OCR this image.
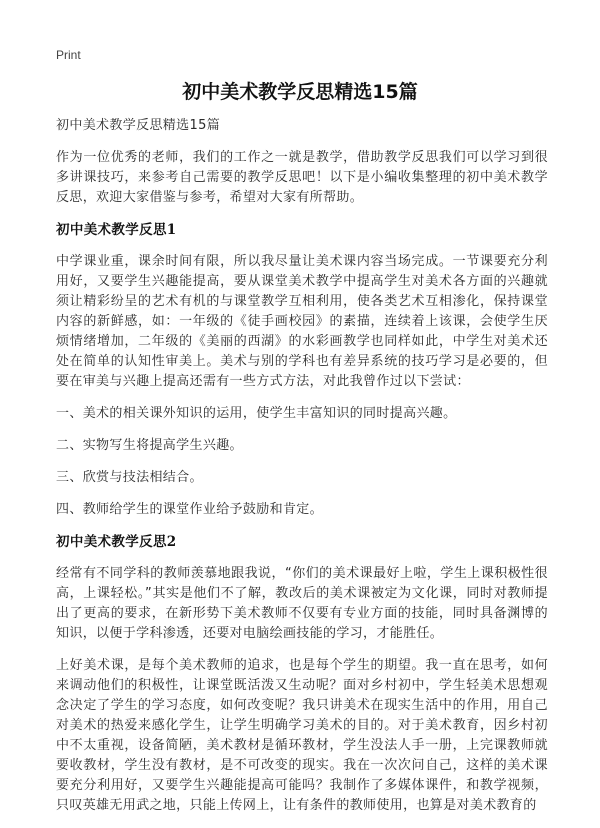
Print
初中美术教学反思精选15篇

初中美术教学反思精选15篇

作为一位优秀的老师，我们的工作之一就是教学，借助教学反思我们可以学习到很多讲课技巧，来参考自己需要的教学反思吧！以下是小编收集整理的初中美术教学反思，欢迎大家借鉴与参考，希望对大家有所帮助。

初中美术教学反思1

中学课业重，课余时间有限，所以我尽量让美术课内容当场完成。一节课要充分利用好，又要学生兴趣能提高，要从课堂美术教学中提高学生对美术各方面的兴趣就须让精彩纷呈的艺术有机的与课堂教学互相利用，使各类艺术互相渗化，保持课堂内容的新鲜感，如：一年级的《徒手画校园》的素描，连续着上该课，会使学生厌烦情绪增加，二年级的《美丽的西湖》的水彩画教学也同样如此，中学生对美术还处在简单的认知性审美上。美术与别的学科也有差异系统的技巧学习是必要的，但要在审美与兴趣上提高还需有一些方式方法，对此我曾作过以下尝试：

一、美术的相关课外知识的运用，使学生丰富知识的同时提高兴趣。

二、实物写生将提高学生兴趣。

三、欣赏与技法相结合。

四、教师给学生的课堂作业给予鼓励和肯定。

初中美术教学反思2

经常有不同学科的教师羡慕地跟我说，“你们的美术课最好上啦，学生上课积极性很高，上课轻松。”其实是他们不了解，教改后的美术课被定为文化课，同时对教师提出了更高的要求，在新形势下美术教师不仅要有专业方面的技能，同时具备渊博的知识，以便于学科渗透，还要对电脑绘画技能的学习，才能胜任。

上好美术课，是每个美术教师的追求，也是每个学生的期望。我一直在思考，如何来调动他们的积极性，让课堂既活泼又生动呢？面对乡村初中，学生轻美术思想观念决定了学生的学习态度，如何改变呢？我只讲美术在现实生活中的作用，用自己对美术的热爱来感化学生，让学生明确学习美术的目的。对于美术教育，因乡村初中不太重视，设备简陋，美术教材是循环教材，学生没法人手一册，上完课教师就要收教材，学生没有教材，是不可改变的现实。我在一次次问自己，这样的美术课要充分利用好，又要学生兴趣能提高可能吗？我制作了多媒体课件，和教学视频，只叹英雄无用武之地，只能上传网上，让有条件的教师使用，也算是对美术教育的
